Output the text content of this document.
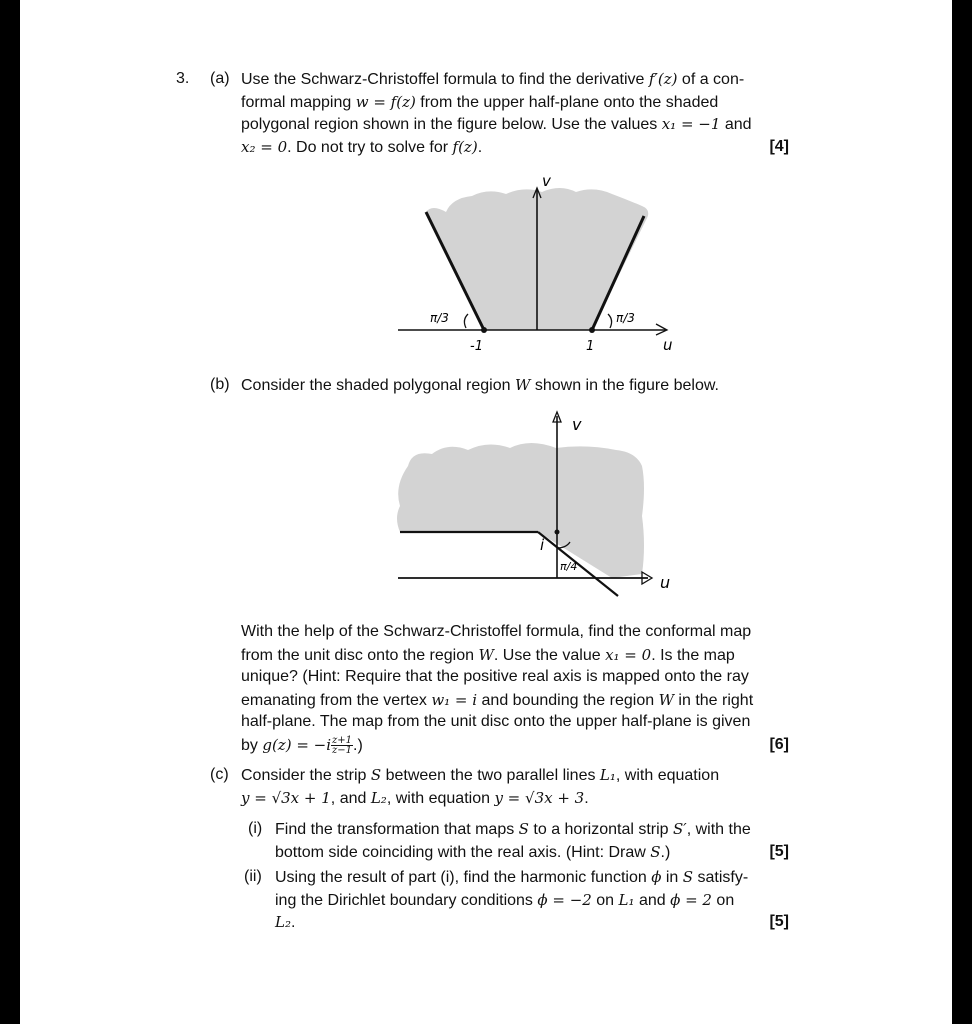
3. (a) Use the Schwarz-Christoffel formula to find the derivative f′(z) of a con-
formal mapping w = f(z) from the upper half-plane onto the shaded
polygonal region shown in the figure below. Use the values x₁ = −1 and
x₂ = 0. Do not try to solve for f(z).	[4]
v
u
π/3	π/3
-1	1
(b) Consider the shaded polygonal region W shown in the figure below.
v
u
i
π/4
With the help of the Schwarz-Christoffel formula, find the conformal map
from the unit disc onto the region W. Use the value x₁ = 0. Is the map
unique? (Hint: Require that the positive real axis is mapped onto the ray
emanating from the vertex w₁ = i and bounding the region W in the right
half-plane. The map from the unit disc onto the upper half-plane is given
by $g(z) = -i \frac{z+1}{z-1}$ .)	[6]
(c) Consider the strip S between the two parallel lines L₁, with equation
y = √3x + 1, and L₂, with equation y = √3x + 3.
(i) Find the transformation that maps S to a horizontal strip S′, with the
bottom side coinciding with the real axis. (Hint: Draw S.)	[5]
(ii) Using the result of part (i), find the harmonic function ϕ in S satisfy-
ing the Dirichlet boundary conditions ϕ = −2 on L₁ and ϕ = 2 on
L₂.	[5]
